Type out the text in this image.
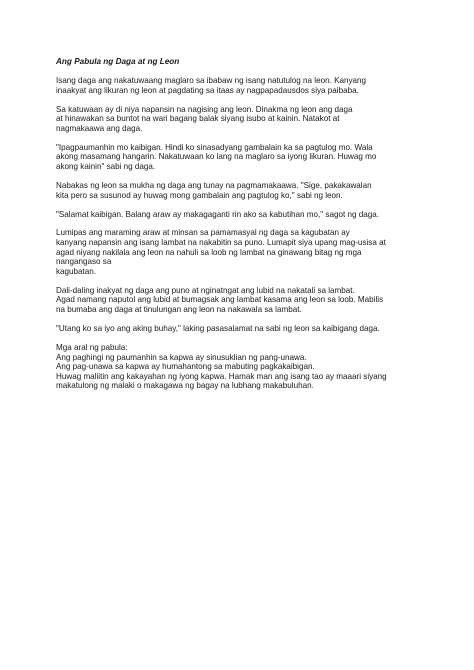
Ang Pabula ng Daga at ng Leon
Isang daga ang nakatuwaang maglaro sa ibabaw ng isang natutulog na leon. Kanyang
inaakyat ang likuran ng leon at pagdating sa itaas ay nagpapadausdos siya paibaba.
Sa katuwaan ay di niya napansin na nagising ang leon. Dinakma ng leon ang daga
at hinawakan sa buntot na wari bagang balak siyang isubo at kainin. Natakot at
nagmakaawa ang daga.
"Ipagpaumanhin mo kaibigan. Hindi ko sinasadyang gambalain ka sa pagtulog mo. Wala
akong masamang hangarin. Nakatuwaan ko lang na maglaro sa iyong likuran. Huwag mo
akong kainin" sabi ng daga.
Nabakas ng leon sa mukha ng daga ang tunay na pagmamakaawa. "Sige, pakakawalan
kita pero sa susunod ay huwag mong gambalain ang pagtulog ko," sabi ng leon.
"Salamat kaibigan. Balang araw ay makagaganti rin ako sa kabutihan mo," sagot ng daga.
Lumipas ang maraming araw at minsan sa pamamasyal ng daga sa kagubatan ay
kanyang napansin ang isang lambat na nakabitin sa puno. Lumapit siya upang mag-usisa at
agad niyang nakilala ang leon na nahuli sa loob ng lambat na ginawang bitag ng mga
nangangaso sa
kagubatan.
Dali-daling inakyat ng daga ang puno at nginatngat ang lubid na nakatali sa lambat.
Agad namang naputol ang lubid at bumagsak ang lambat kasama ang leon sa loob. Mabilis
na bumaba ang daga at tinulungan ang leon na nakawala sa lambat.
"Utang ko sa iyo ang aking buhay," laking pasasalamat na sabi ng leon sa kaibigang daga.
Mga aral ng pabula:
Ang paghingi ng paumanhin sa kapwa ay sinusuklian ng pang-unawa.
Ang pag-unawa sa kapwa ay humahantong sa mabuting pagkakaibigan.
Huwag maliitin ang kakayahan ng iyong kapwa. Hamak man ang isang tao ay maaari siyang
makatulong ng malaki o makagawa ng bagay na lubhang makabuluhan.
